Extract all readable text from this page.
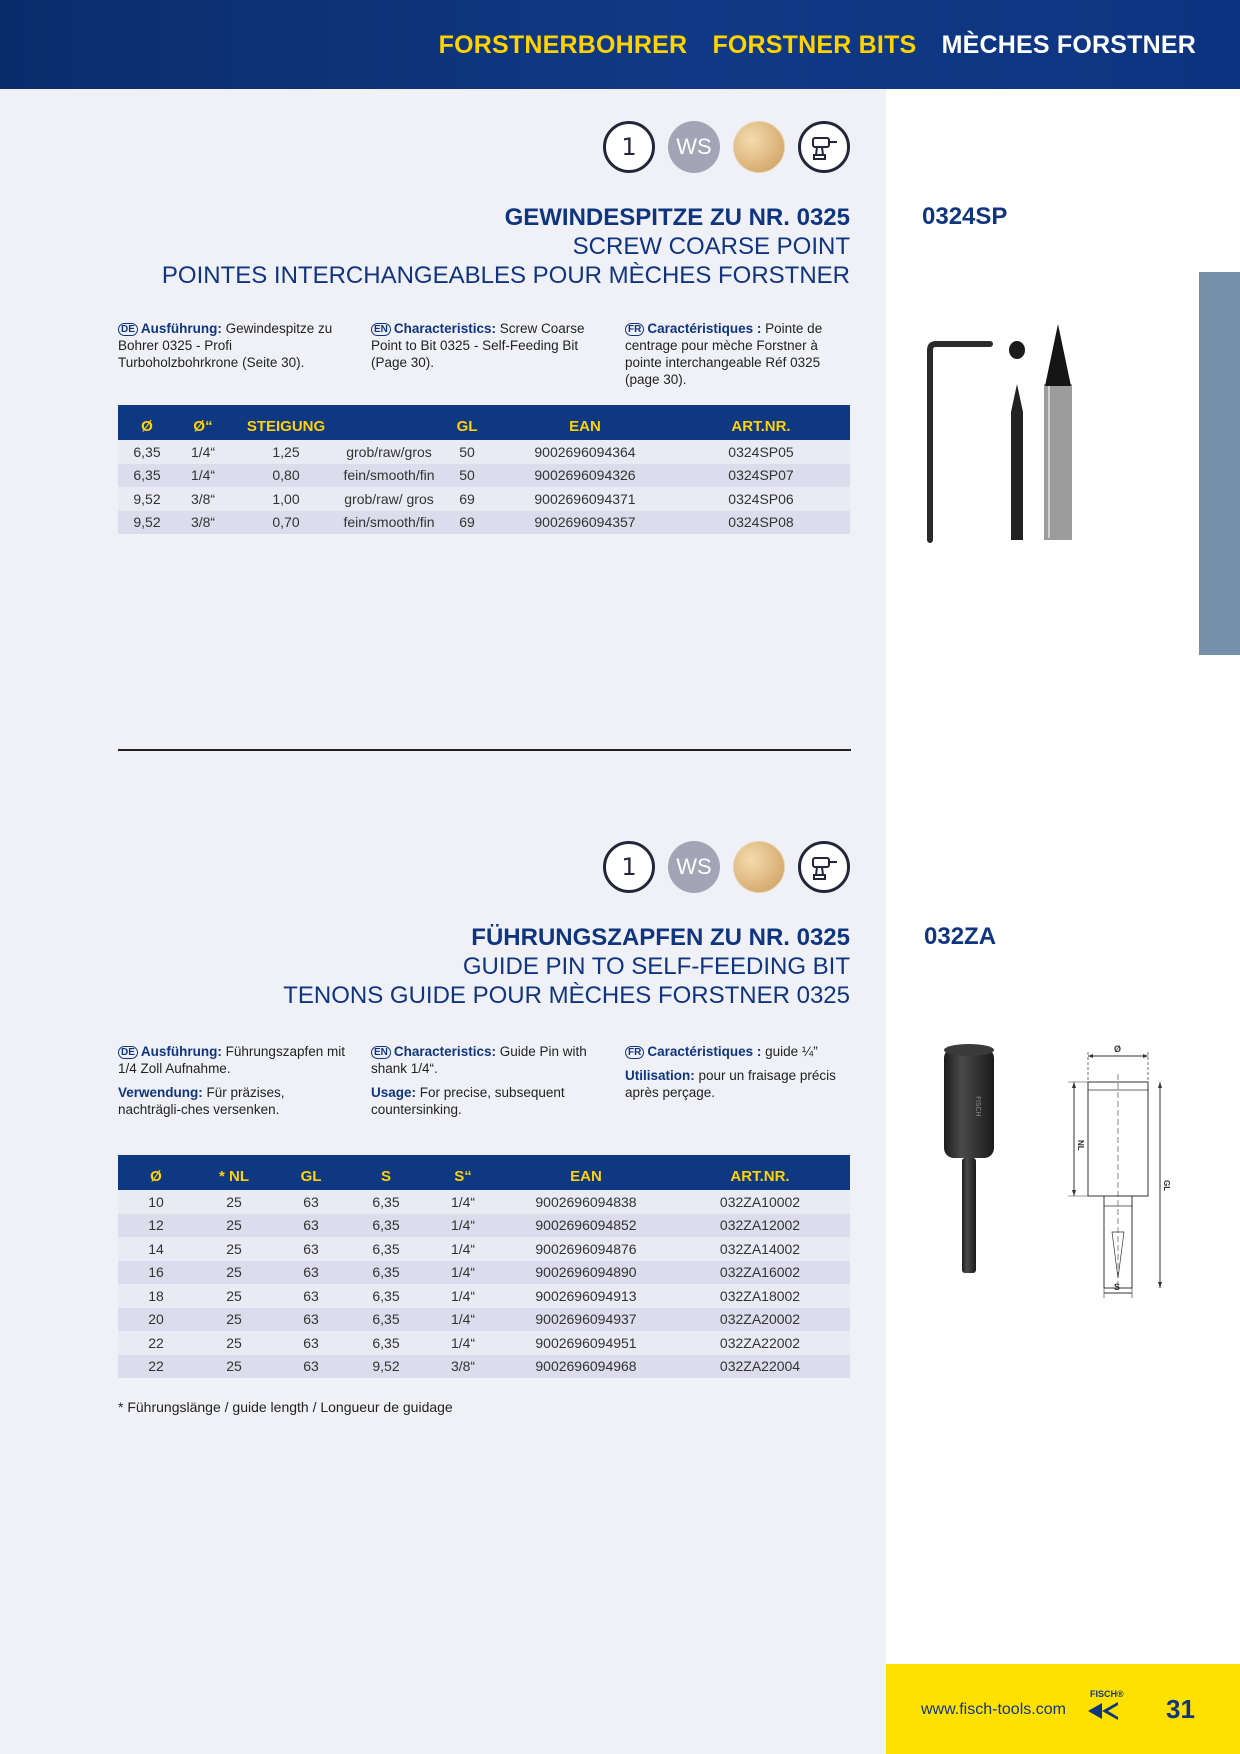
FORSTNERBOHRER FORSTNER BITS MÈCHES FORSTNER
1	WS
GEWINDESPITZE ZU NR. 0325
SCREW COARSE POINT
POINTES INTERCHANGEABLES POUR MÈCHES FORSTNER
0324SP

DE Ausführung: Gewindespitze zu Bohrer 0325 - Profi Turboholzbohrkrone (Seite 30).

EN Characteristics: Screw Coarse Point to Bit 0325 - Self-Feeding Bit (Page 30).

FR Caractéristiques : Pointe de centrage pour mèche Forstner à pointe interchangeable Réf 0325 (page 30).

Ø	Ø“	STEIGUNG		GL	EAN	ART.NR.
6,35	1/4“	1,25	grob/raw/gros	50	9002696094364	0324SP05
6,35	1/4“	0,80	fein/smooth/fin	50	9002696094326	0324SP07
9,52	3/8“	1,00	grob/raw/ gros	69	9002696094371	0324SP06
9,52	3/8“	0,70	fein/smooth/fin	69	9002696094357	0324SP08
1	WS
FÜHRUNGSZAPFEN ZU NR. 0325
GUIDE PIN TO SELF-FEEDING BIT
TENONS GUIDE POUR MÈCHES FORSTNER 0325
032ZA

DE Ausführung: Führungszapfen mit 1/4 Zoll Aufnahme.

Verwendung: Für präzises, nachträgli-ches versenken.

EN Characteristics: Guide Pin with shank 1/4“.

Usage: For precise, subsequent countersinking.

FR Caractéristiques : guide ¼”

Utilisation: pour un fraisage précis après perçage.

Ø	* NL	GL	S	S“	EAN	ART.NR.
10	25	63	6,35	1/4“	9002696094838	032ZA10002
12	25	63	6,35	1/4“	9002696094852	032ZA12002
14	25	63	6,35	1/4“	9002696094876	032ZA14002
16	25	63	6,35	1/4“	9002696094890	032ZA16002
18	25	63	6,35	1/4“	9002696094913	032ZA18002
20	25	63	6,35	1/4“	9002696094937	032ZA20002
22	25	63	6,35	1/4“	9002696094951	032ZA22002
22	25	63	9,52	3/8“	9002696094968	032ZA22004
FISCH
Ø
NL
GL
S
* Führungslänge / guide length / Longueur de guidage
www.fisch-tools.com
FISCH® 31
